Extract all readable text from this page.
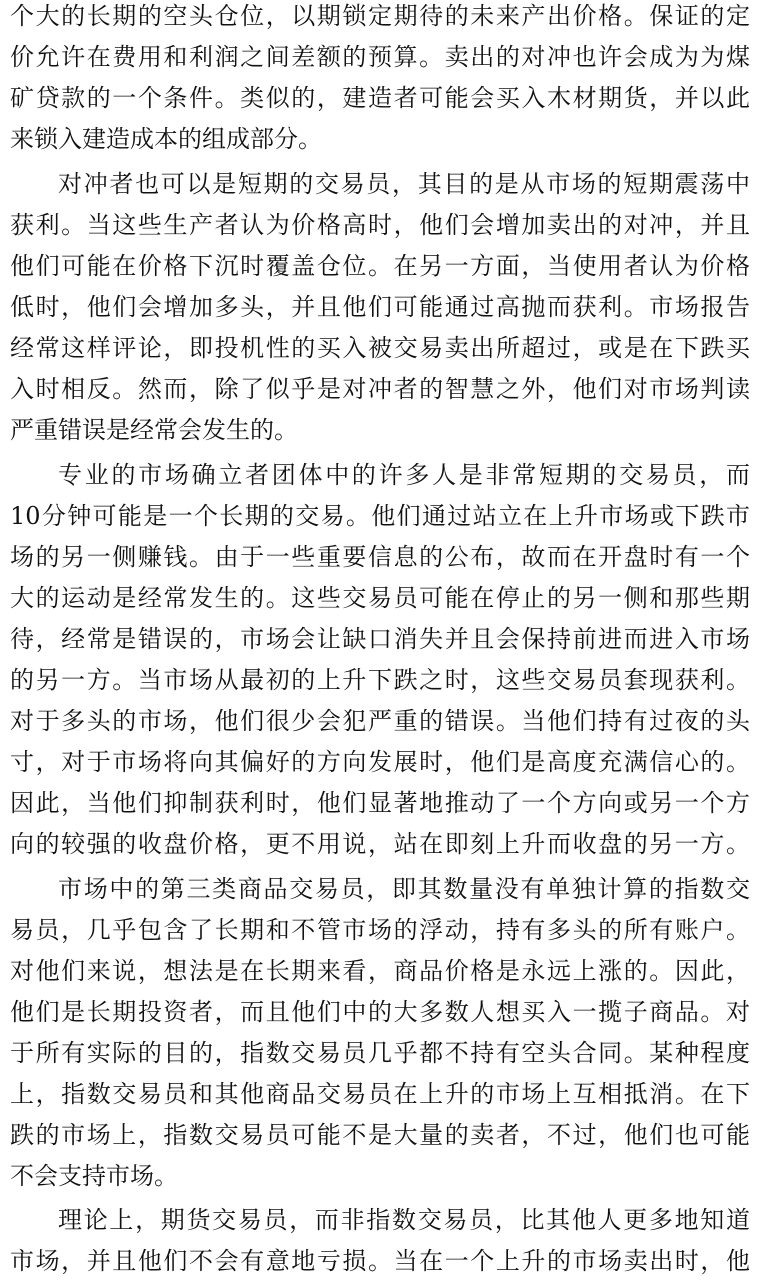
个大的长期的空头仓位，以期锁定期待的未来产出价格。保证的定
价允许在费用和利润之间差额的预算。卖出的对冲也许会成为为煤
矿贷款的一个条件。类似的，建造者可能会买入木材期货，并以此
来锁入建造成本的组成部分。
对冲者也可以是短期的交易员，其目的是从市场的短期震荡中
获利。当这些生产者认为价格高时，他们会增加卖出的对冲，并且
他们可能在价格下沉时覆盖仓位。在另一方面，当使用者认为价格
低时，他们会增加多头，并且他们可能通过高抛而获利。市场报告
经常这样评论，即投机性的买入被交易卖出所超过，或是在下跌买
入时相反。然而，除了似乎是对冲者的智慧之外，他们对市场判读
严重错误是经常会发生的。
专业的市场确立者团体中的许多人是非常短期的交易员，而
10分钟可能是一个长期的交易。他们通过站立在上升市场或下跌市
场的另一侧赚钱。由于一些重要信息的公布，故而在开盘时有一个
大的运动是经常发生的。这些交易员可能在停止的另一侧和那些期
待，经常是错误的，市场会让缺口消失并且会保持前进而进入市场
的另一方。当市场从最初的上升下跌之时，这些交易员套现获利。
对于多头的市场，他们很少会犯严重的错误。当他们持有过夜的头
寸，对于市场将向其偏好的方向发展时，他们是高度充满信心的。
因此，当他们抑制获利时，他们显著地推动了一个方向或另一个方
向的较强的收盘价格，更不用说，站在即刻上升而收盘的另一方。
市场中的第三类商品交易员，即其数量没有单独计算的指数交
易员，几乎包含了长期和不管市场的浮动，持有多头的所有账户。
对他们来说，想法是在长期来看，商品价格是永远上涨的。因此，
他们是长期投资者，而且他们中的大多数人想买入一揽子商品。对
于所有实际的目的，指数交易员几乎都不持有空头合同。某种程度
上，指数交易员和其他商品交易员在上升的市场上互相抵消。在下
跌的市场上，指数交易员可能不是大量的卖者，不过，他们也可能
不会支持市场。
理论上，期货交易员，而非指数交易员，比其他人更多地知道
市场，并且他们不会有意地亏损。当在一个上升的市场卖出时，他
